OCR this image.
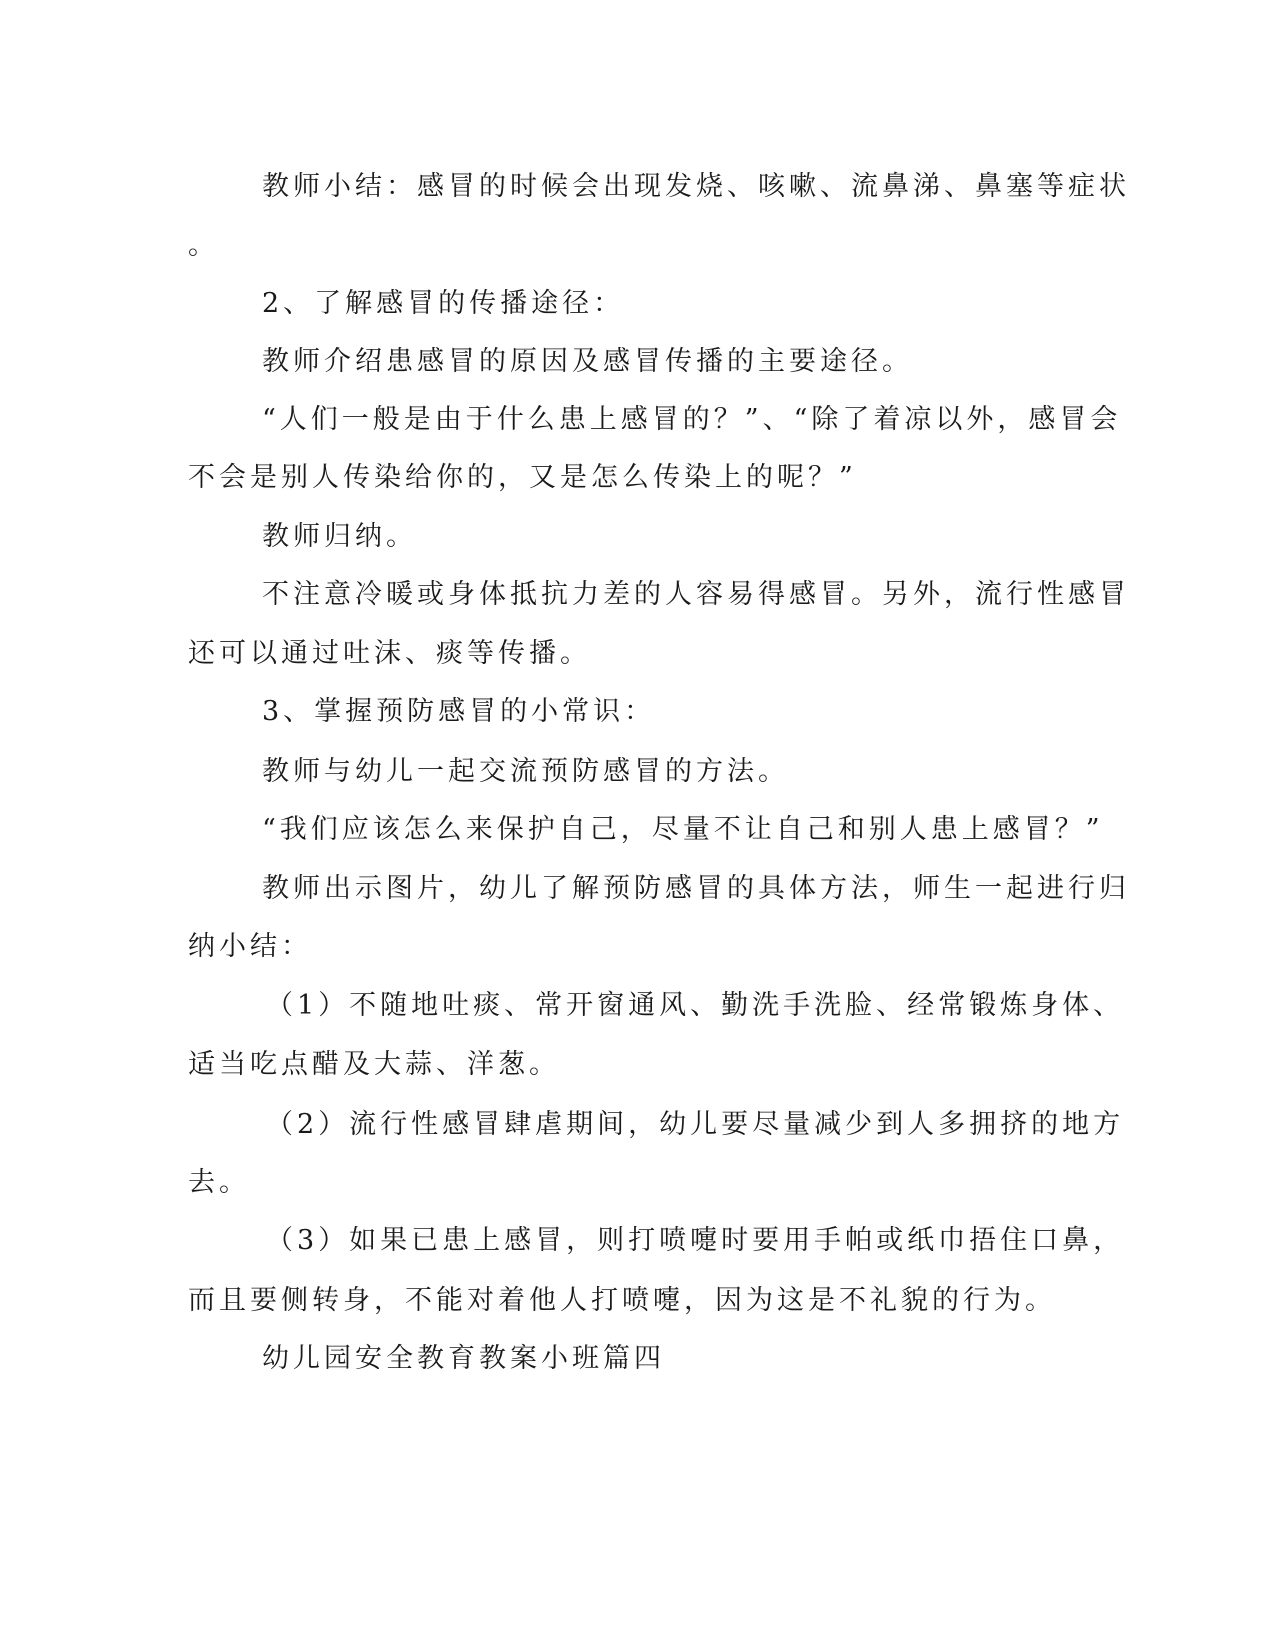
教师小结：感冒的时候会出现发烧、咳嗽、流鼻涕、鼻塞等症状
。
2、了解感冒的传播途径：
教师介绍患感冒的原因及感冒传播的主要途径。
“人们一般是由于什么患上感冒的？”、“除了着凉以外，感冒会
不会是别人传染给你的，又是怎么传染上的呢？”
教师归纳。
不注意冷暖或身体抵抗力差的人容易得感冒。另外，流行性感冒
还可以通过吐沫、痰等传播。
3、掌握预防感冒的小常识：
教师与幼儿一起交流预防感冒的方法。
“我们应该怎么来保护自己，尽量不让自己和别人患上感冒？”
教师出示图片，幼儿了解预防感冒的具体方法，师生一起进行归
纳小结：
（1）不随地吐痰、常开窗通风、勤洗手洗脸、经常锻炼身体、
适当吃点醋及大蒜、洋葱。
（2）流行性感冒肆虐期间，幼儿要尽量减少到人多拥挤的地方
去。
（3）如果已患上感冒，则打喷嚏时要用手帕或纸巾捂住口鼻，
而且要侧转身，不能对着他人打喷嚏，因为这是不礼貌的行为。
幼儿园安全教育教案小班篇四
